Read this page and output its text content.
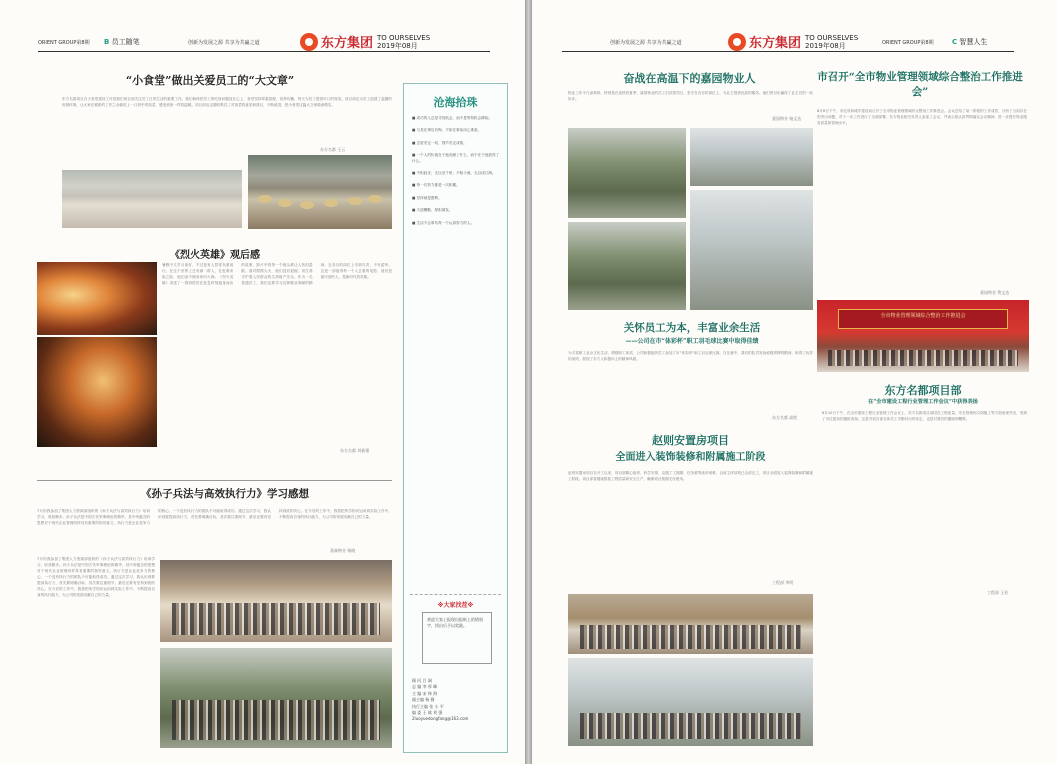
ORIENT GROUP第8期 B 员工随笔	创新为发展之源 共享为共赢之道	东方集团 TO OURSELVES
2019年08月
“小食堂”做出关爱员工的“大文章”
东方名都项目自小食堂建设工作是我们项目部关注员工日常生活的重要工作。我们始终把员工的吃饭问题放在心上，食堂坚持荤素搭配、营养均衡，每天为员工提供可口的饭菜。项目部还为员工创建了温馨的用餐环境，让大家在紧张的工作之余能吃上一口热乎的饭菜，感受到家一样的温暖。项目部也定期收集员工对饭菜的意见和建议，不断改进，把小食堂这篇大文章做深做实。
东方名都 王云
《烈火英雄》观后感
暑假中几岁月前好，不过是有人替你负重前行。在这个世界上总有那一群人，在危难来临之际，他们奋不顾身冲向火海。《烈火英雄》讲述了一群消防员在危急时刻挺身而出的故事，影片中的每一个镜头都让人热泪盈眶。面对熊熊大火，他们没有退缩，用生命守护着人民群众的生命财产安全。作为一名普通员工，我们也要学习这种敬业奉献的精神，在各自的岗位上尽职尽责，不负韶华。这是一部值得每一个人去看的电影，他们是最可爱的人，是新时代的英雄。
东方名都 刘新强
《孙子兵法与高效执行力》学习感想
7月份我参加了集团人力资源部组织的《孙子兵法与高效执行力》培训学习，收获颇多。孙子兵法是中国古代军事理论的精华，其中所蕴含的思想对于现代企业管理同样具有重要的指导意义。执行力是企业竞争力的核心，一个没有执行力的团队不可能取得成功。通过这次学习，我认识到要提高执行力，首先要明确目标，其次要注重细节，最后还要有坚持到底的决心。在今后的工作中，我将把所学知识运用到实际工作中，不断提高自身的执行能力，为公司的发展贡献自己的力量。
嘉森物业 杨晓
7月份我参加了集团人力资源部组织的《孙子兵法与高效执行力》培训学习，收获颇多。孙子兵法是中国古代军事理论的精华，其中所蕴含的思想对于现代企业管理同样具有重要的指导意义。执行力是企业竞争力的核心，一个没有执行力的团队不可能取得成功。通过这次学习，我认识到要提高执行力，首先要明确目标，其次要注重细节，最后还要有坚持到底的决心。在今后的工作中，我将把所学知识运用到实际工作中，不断提高自身的执行能力，为公司的发展贡献自己的力量。
沧海拾珠
■ 成功的人总是寻找机会，而不是等待机会降临。
■ 与其在事后后悔，不如在事前用心准备。
■ 态度决定一切，细节决定成败。
■ 一个人的价值在于他贡献了什么，而不在于他获得了什么。
■ 不积跬步，无以至千里；不积小流，无以成江海。
■ 每一次努力都是一次积累。
■ 坚持就是胜利。
■ 天道酬勤，厚积薄发。
■ 生活不会辜负每一个认真努力的人。
※大家找茬※
欢迎大家上报现出报纸上的错别字，找出后予以奖励。
顾 问 吕 刚
总 编 李 厚 峰
主 编 宋 林 海
副主编 杨 静
执行主编 张 小 平
编 委 王 斌 刘 强
2luoyuedongfang@163.com
创新为发展之源 共享为共赢之道	东方集团 TO OURSELVES
2019年08月	ORIENT GROUP第8期	C 智慧人生
奋战在高温下的嘉园物业人
物业工作平凡而琐碎，特别是在炎热的夏季，嘉园物业的员工们顶着烈日，坚守在各自的岗位上，为业主提供优质的服务。他们的付出赢得了业主们的一致好评。
嘉园物业 杨文达
市召开“全市物业管理领域综合整治工作推进会”
8月6日下午，市住房和城乡建设局召开了全市物业管理领域综合整治工作推进会。会议总结了前一阶段的工作成效，分析了当前存在的突出问题，对下一步工作进行了全面部署。东方物业相关负责人参加了会议，并表示将认真贯彻落实会议精神，进一步提升物业服务质量和管理水平。
嘉园物业 费文达
全市物业管理领域综合整治工作推进会
关怀员工为本，丰富业余生活
——公司在市“体彩杯”职工羽毛球比赛中取得佳绩
为丰富职工业余文化生活，增强职工体质，公司积极组织员工参加了市“体彩杯”职工羽毛球比赛。在比赛中，我们的队员发扬顽强拼搏的精神，取得了优异的成绩，展现了东方人积极向上的精神风貌。
东方名都 高胜
赵则安置房项目
全面进入装饰装修和附属施工阶段
赵则安置房项目自开工以来，项目部精心组织、科学安排，克服了工期紧、任务重等诸多困难，目前主体结构已全部完工，项目全面进入装饰装修和附属施工阶段。项目部将继续狠抓工程质量和安全生产，确保项目按期交付使用。
工程部 李明
东方名都项目部
在“全市建设工程行业管理工作会议”中获得表扬
8月10日下午，在全市建设工程行业管理工作会议上，东方名都项目部因在工程质量、安全管理和文明施工等方面表现突出，受到了市住建局的通报表扬。这是对项目部全体员工辛勤付出的肯定，也是对我们的激励和鞭策。
工程部 王若
